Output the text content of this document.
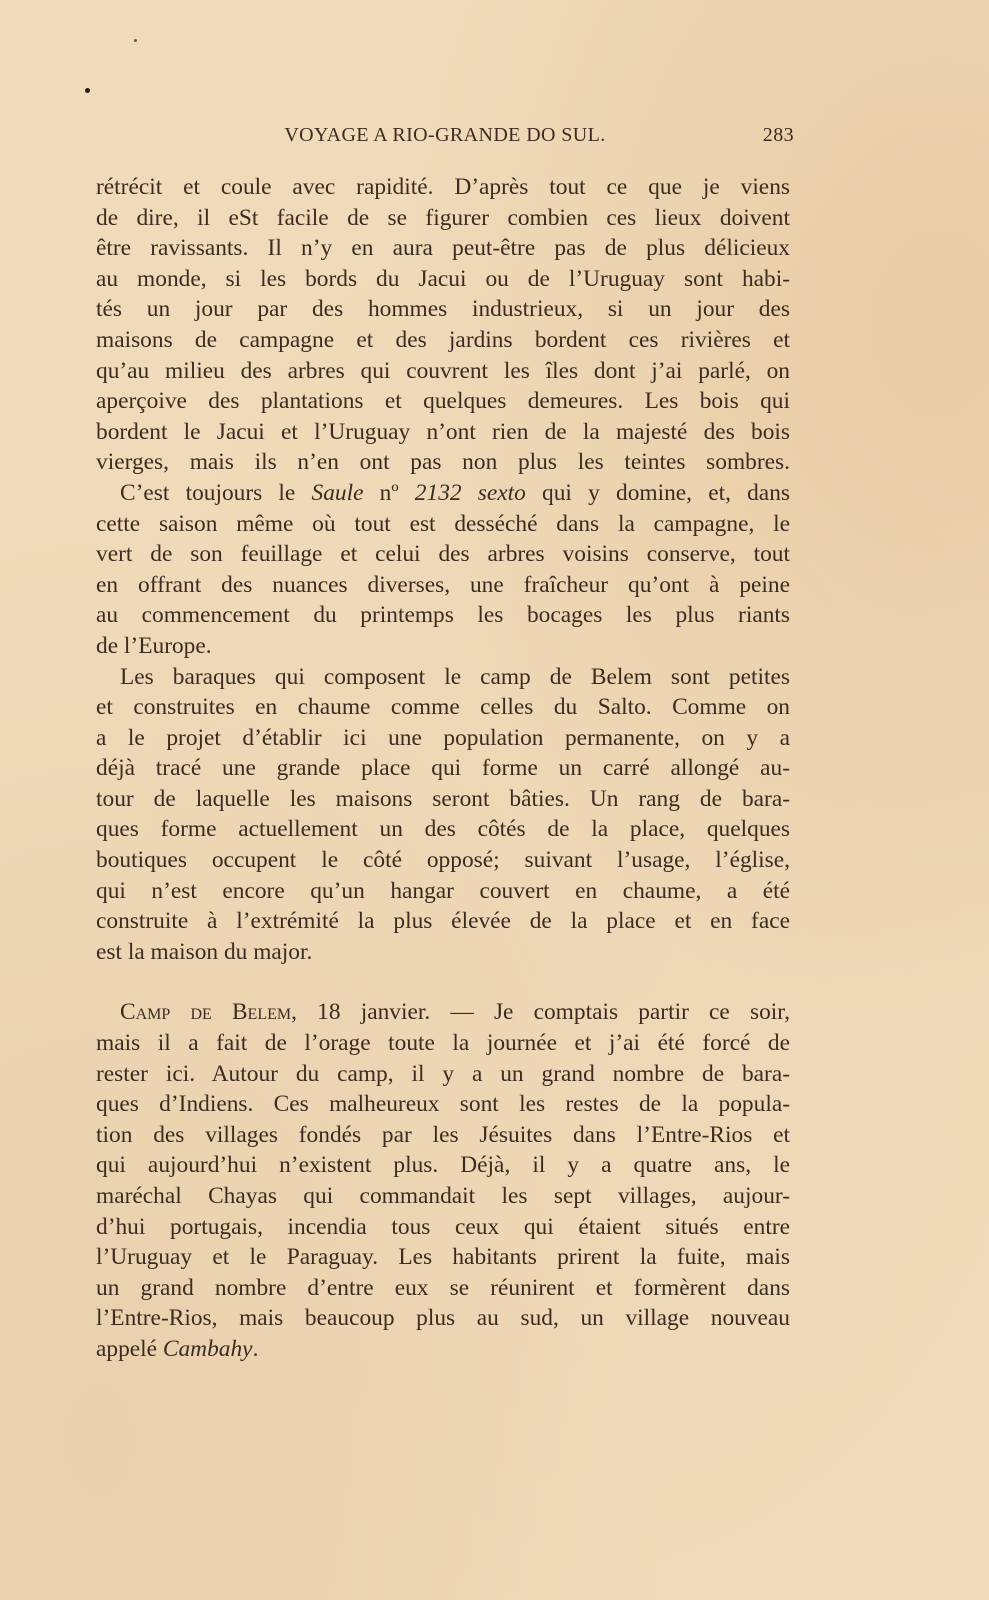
VOYAGE A RIO-GRANDE DO SUL.	283
rétrécit et coule avec rapidité. D’après tout ce que je viens
de dire, il eSt facile de se figurer combien ces lieux doivent
être ravissants. Il n’y en aura peut-être pas de plus délicieux
au monde, si les bords du Jacui ou de l’Uruguay sont habi-
tés un jour par des hommes industrieux, si un jour des
maisons de campagne et des jardins bordent ces rivières et
qu’au milieu des arbres qui couvrent les îles dont j’ai parlé, on
aperçoive des plantations et quelques demeures. Les bois qui
bordent le Jacui et l’Uruguay n’ont rien de la majesté des bois
vierges, mais ils n’en ont pas non plus les teintes sombres.
C’est toujours le Saule nº 2132 sexto qui y domine, et, dans
cette saison même où tout est desséché dans la campagne, le
vert de son feuillage et celui des arbres voisins conserve, tout
en offrant des nuances diverses, une fraîcheur qu’ont à peine
au commencement du printemps les bocages les plus riants
de l’Europe.
Les baraques qui composent le camp de Belem sont petites
et construites en chaume comme celles du Salto. Comme on
a le projet d’établir ici une population permanente, on y a
déjà tracé une grande place qui forme un carré allongé au-
tour de laquelle les maisons seront bâties. Un rang de bara-
ques forme actuellement un des côtés de la place, quelques
boutiques occupent le côté opposé; suivant l’usage, l’église,
qui n’est encore qu’un hangar couvert en chaume, a été
construite à l’extrémité la plus élevée de la place et en face
est la maison du major.
Camp de Belem, 18 janvier. — Je comptais partir ce soir,
mais il a fait de l’orage toute la journée et j’ai été forcé de
rester ici. Autour du camp, il y a un grand nombre de bara-
ques d’Indiens. Ces malheureux sont les restes de la popula-
tion des villages fondés par les Jésuites dans l’Entre-Rios et
qui aujourd’hui n’existent plus. Déjà, il y a quatre ans, le
maréchal Chayas qui commandait les sept villages, aujour-
d’hui portugais, incendia tous ceux qui étaient situés entre
l’Uruguay et le Paraguay. Les habitants prirent la fuite, mais
un grand nombre d’entre eux se réunirent et formèrent dans
l’Entre-Rios, mais beaucoup plus au sud, un village nouveau
appelé Cambahy.
